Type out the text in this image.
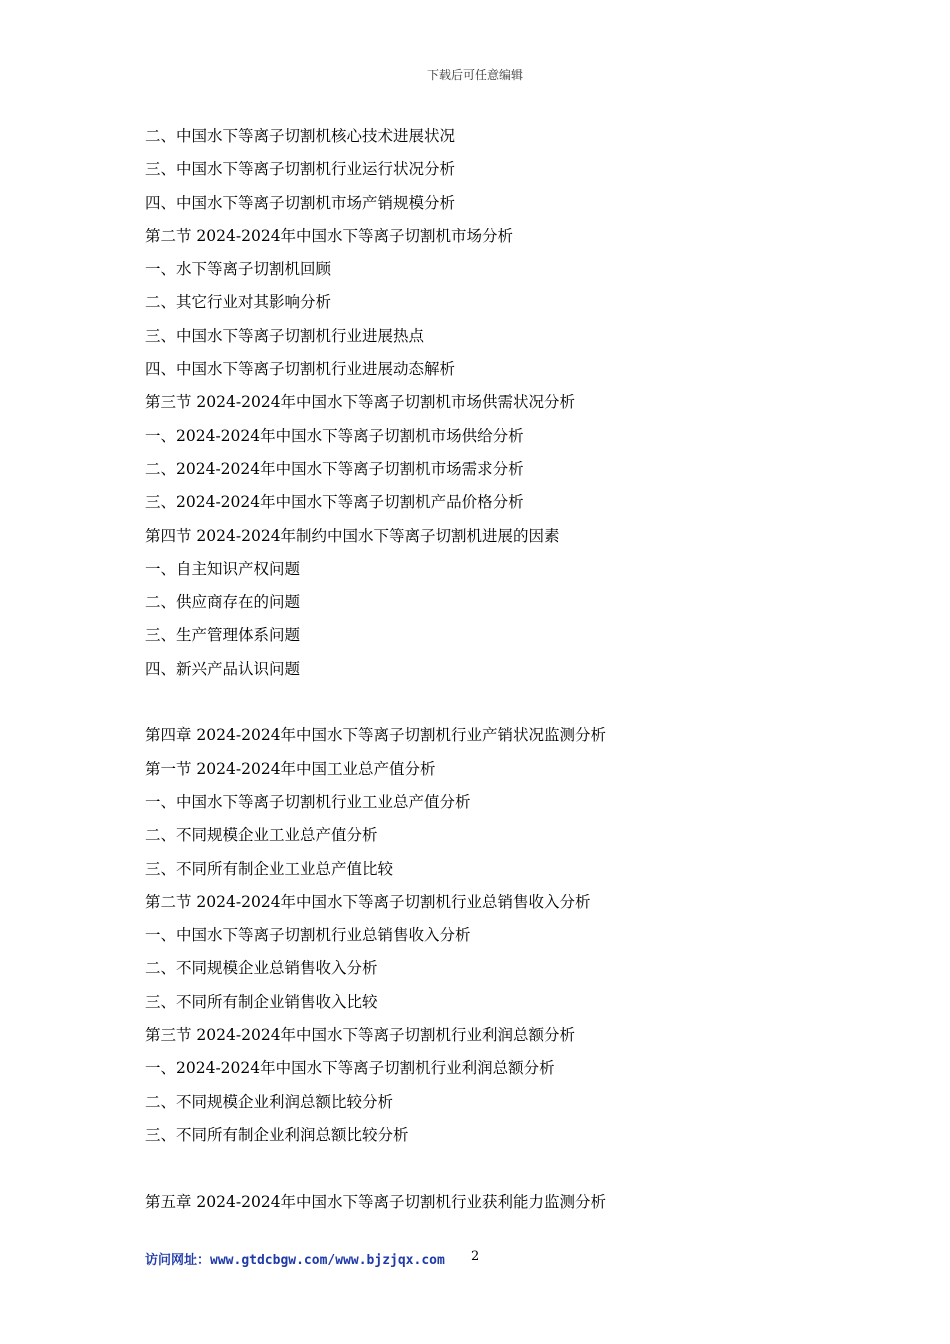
下载后可任意编辑
二、中国水下等离子切割机核心技术进展状况
三、中国水下等离子切割机行业运行状况分析
四、中国水下等离子切割机市场产销规模分析
第二节 2024-2024年中国水下等离子切割机市场分析
一、水下等离子切割机回顾
二、其它行业对其影响分析
三、中国水下等离子切割机行业进展热点
四、中国水下等离子切割机行业进展动态解析
第三节 2024-2024年中国水下等离子切割机市场供需状况分析
一、2024-2024年中国水下等离子切割机市场供给分析
二、2024-2024年中国水下等离子切割机市场需求分析
三、2024-2024年中国水下等离子切割机产品价格分析
第四节 2024-2024年制约中国水下等离子切割机进展的因素
一、自主知识产权问题
二、供应商存在的问题
三、生产管理体系问题
四、新兴产品认识问题
第四章 2024-2024年中国水下等离子切割机行业产销状况监测分析
第一节 2024-2024年中国工业总产值分析
一、中国水下等离子切割机行业工业总产值分析
二、不同规模企业工业总产值分析
三、不同所有制企业工业总产值比较
第二节 2024-2024年中国水下等离子切割机行业总销售收入分析
一、中国水下等离子切割机行业总销售收入分析
二、不同规模企业总销售收入分析
三、不同所有制企业销售收入比较
第三节 2024-2024年中国水下等离子切割机行业利润总额分析
一、2024-2024年中国水下等离子切割机行业利润总额分析
二、不同规模企业利润总额比较分析
三、不同所有制企业利润总额比较分析
第五章 2024-2024年中国水下等离子切割机行业获利能力监测分析
访问网址：www.gtdcbgw.com/www.bjzjqx.com 2
